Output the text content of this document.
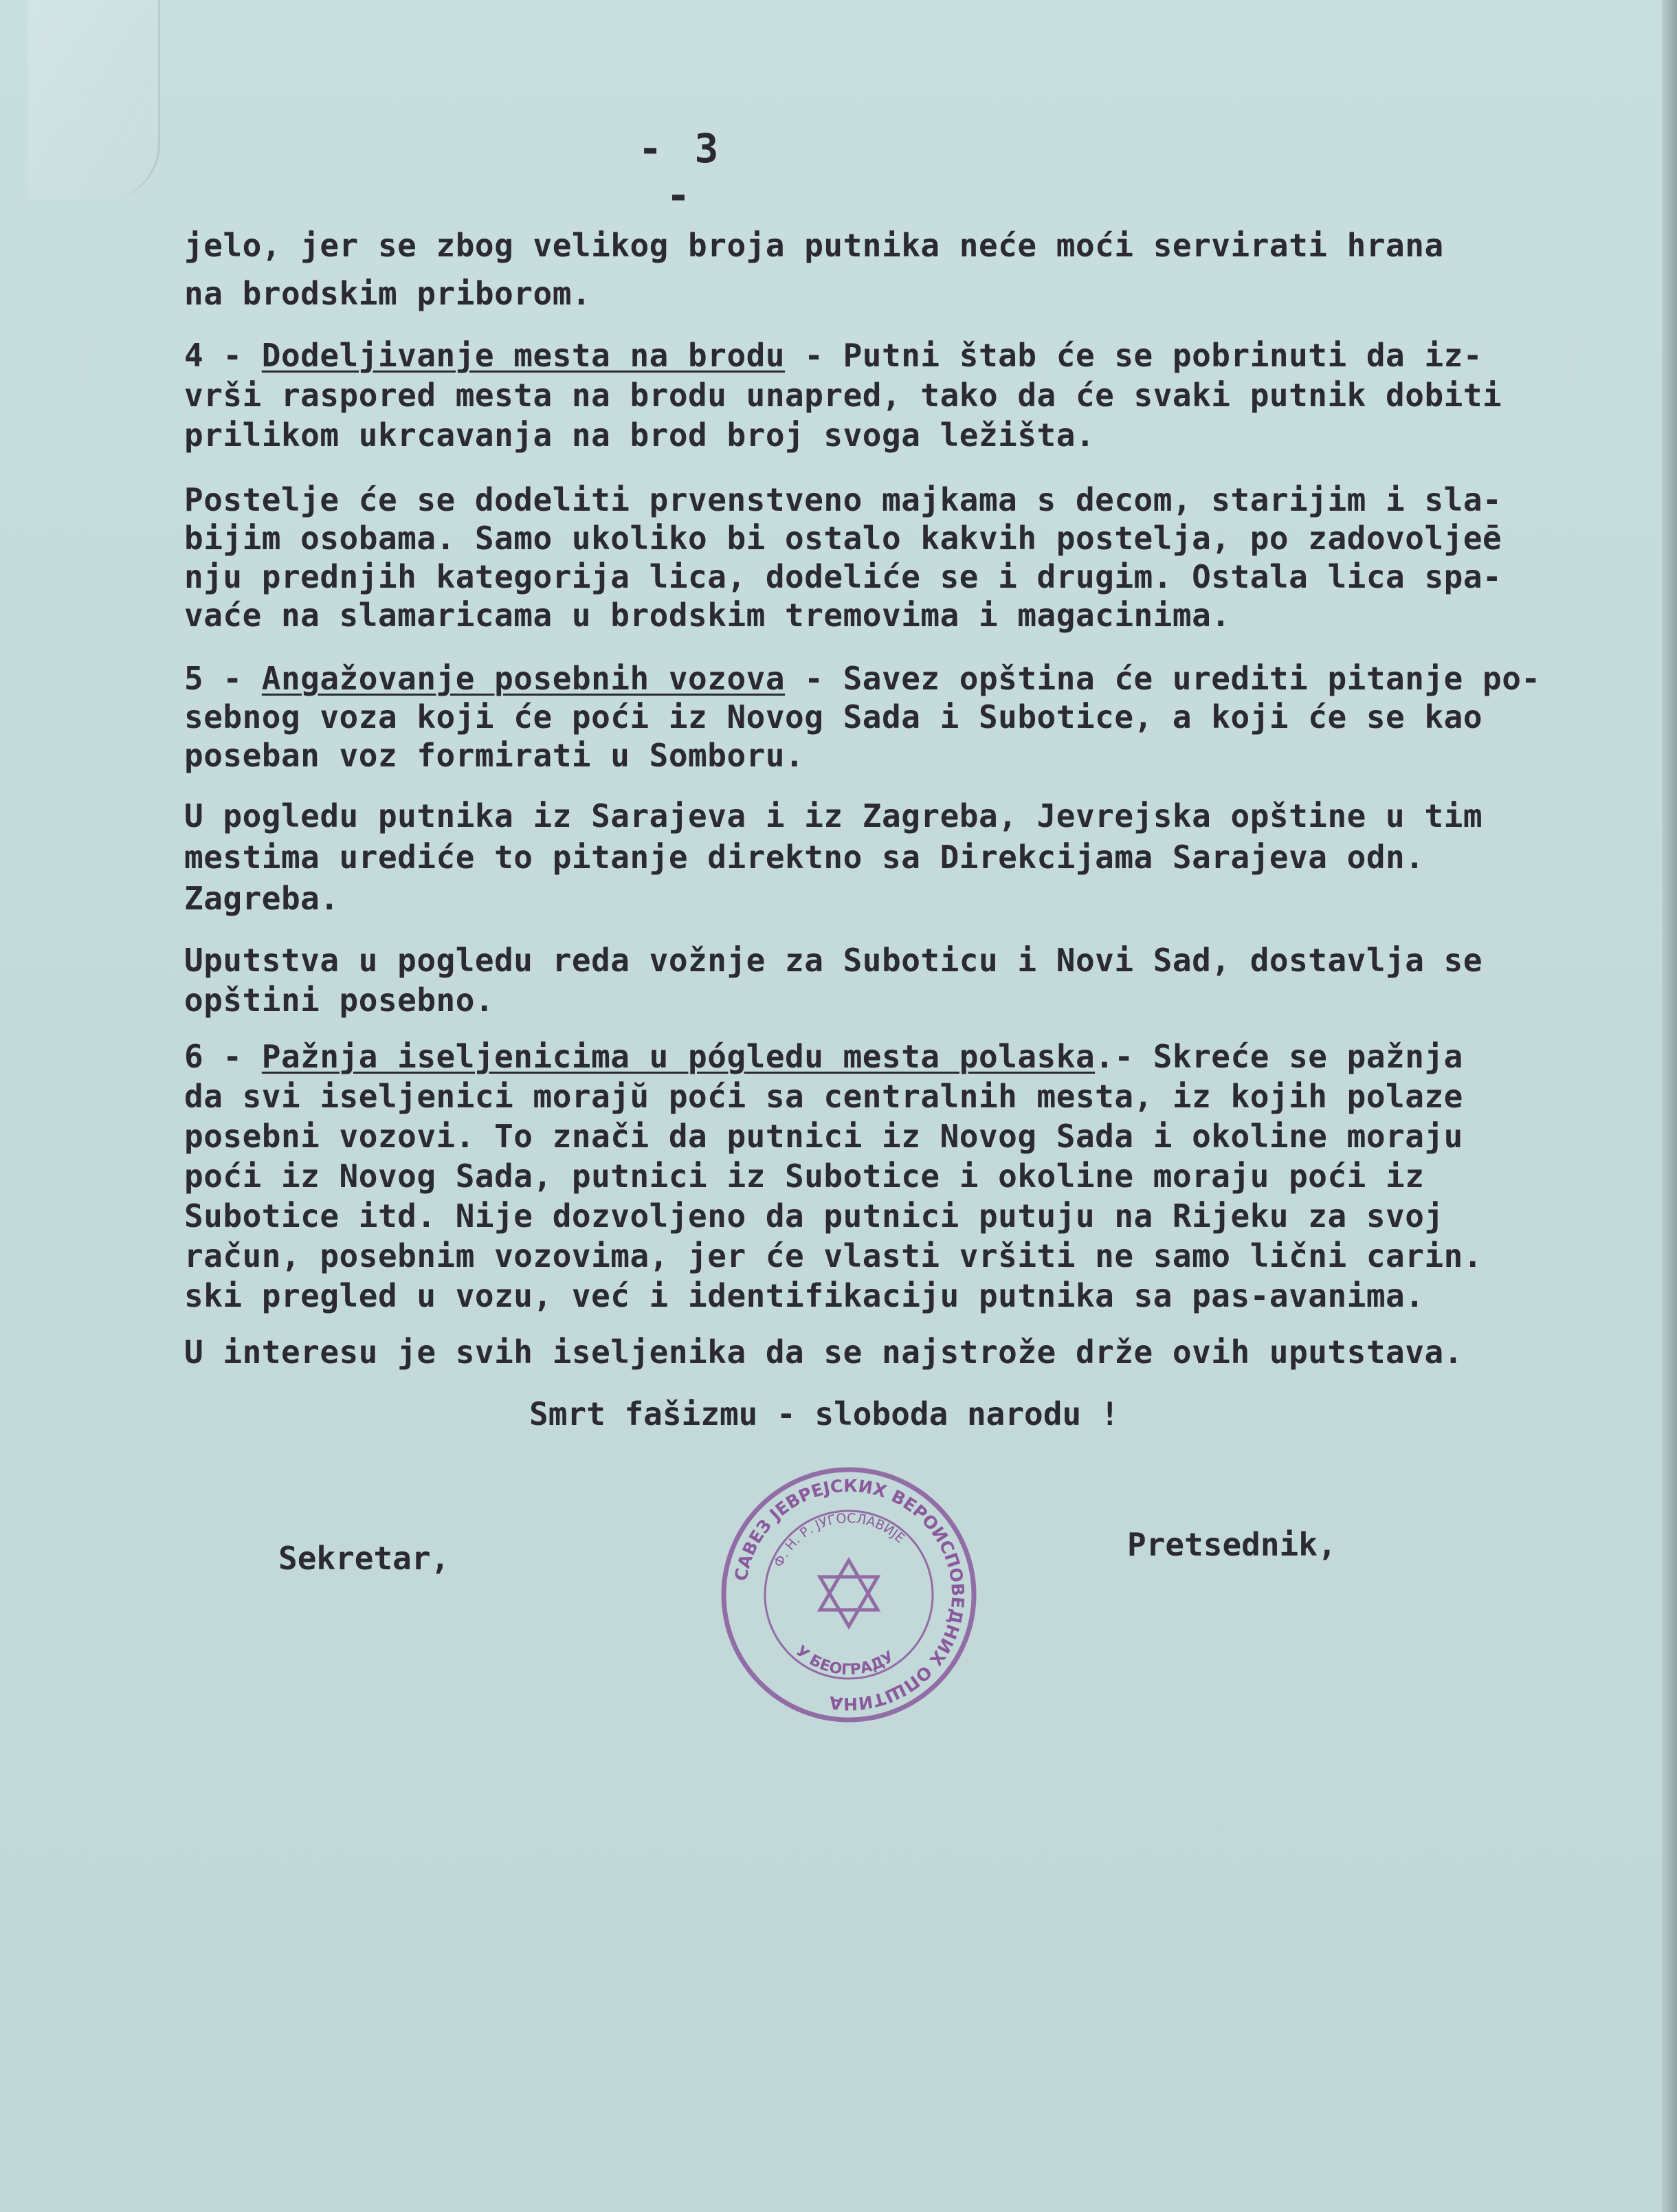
- 3 -
jelo, jer se zbog velikog broja putnika neće moći servirati hrana
na brodskim priborom.
4 - Dodeljivanje mesta na brodu - Putni štab će se pobrinuti da iz-
vrši raspored mesta na brodu unapred, tako da će svaki putnik dobiti
prilikom ukrcavanja na brod broj svoga ležišta.
Postelje će se dodeliti prvenstveno majkama s decom, starijim i sla-
bijim osobama. Samo ukoliko bi ostalo kakvih postelja, po zadovoljeē
nju prednjih kategorija lica, dodeliće se i drugim. Ostala lica spa-
vaće na slamaricama u brodskim tremovima i magacinima.
5 - Angažovanje posebnih vozova - Savez opština će urediti pitanje po-
sebnog voza koji će poći iz Novog Sada i Subotice, a koji će se kao
poseban voz formirati u Somboru.
U pogledu putnika iz Sarajeva i iz Zagreba, Jevrejska opštine u tim
mestima urediće to pitanje direktno sa Direkcijama Sarajeva odn.
Zagreba.
Uputstva u pogledu reda vožnje za Suboticu i Novi Sad, dostavlja se
opštini posebno.
6 - Pažnja iseljenicima u pógledu mesta polaska.- Skreće se pažnja
da svi iseljenici morajŭ poći sa centralnih mesta, iz kojih polaze
posebni vozovi. To znači da putnici iz Novog Sada i okoline moraju
poći iz Novog Sada, putnici iz Subotice i okoline moraju poći iz
Subotice itd. Nije dozvoljeno da putnici putuju na Rijeku za svoj
račun, posebnim vozovima, jer će vlasti vršiti ne samo lični carin.
ski pregled u vozu, već i identifikaciju putnika sa pas-avanima.
U interesu je svih iseljenika da se najstrože drže ovih uputstava.
Smrt fašizmu - sloboda narodu !
Sekretar,	Pretsednik,
САВЕЗ ЈЕВРЕЈСКИХ ВЕРОИСПОВЕДНИХ ОПШТИНА
Ф. Н. Р. ЈУГОСЛАВИЈЕ
У БЕОГРАДУ
